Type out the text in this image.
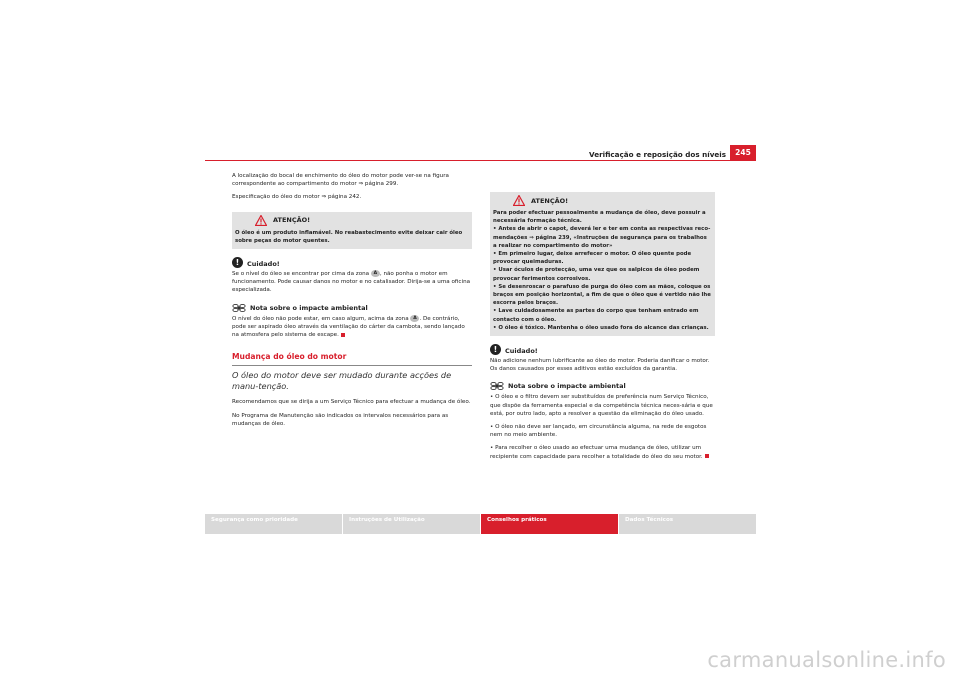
Verificação e reposição dos níveis	245

A localização do bocal de enchimento do óleo do motor pode ver-se na figura correspondente ao compartimento do motor ⇒ página 299.

Especificação do óleo do motor ⇒ página 242.

ATENÇÃO!
O óleo é um produto inflamável. No reabastecimento evite deixar cair óleo sobre peças do motor quentes.
!	Cuidado!

Se o nível do óleo se encontrar por cima da zona A , não ponha o motor em funcionamento. Pode causar danos no motor e no catalisador. Dirija-se a uma oficina especializada.

Nota sobre o impacte ambiental

O nível do óleo não pode estar, em caso algum, acima da zona A . De contrário, pode ser aspirado óleo através da ventilação do cárter da cambota, sendo lançado na atmosfera pelo sistema de escape.

Mudança do óleo do motor
O óleo do motor deve ser mudado durante acções de manu-tenção.

Recomendamos que se dirija a um Serviço Técnico para efectuar a mudança de óleo.

No Programa de Manutenção são indicados os intervalos necessários para as mudanças de óleo.

ATENÇÃO!
Para poder efectuar pessoalmente a mudança de óleo, deve possuir a necessária formação técnica.
• Antes de abrir o capot, deverá ler e ter em conta as respectivas reco-mendações ⇒ página 239, «Instruções de segurança para os trabalhos a realizar no compartimento do motor»
• Em primeiro lugar, deixe arrefecer o motor. O óleo quente pode provocar queimaduras.
• Usar óculos de protecção, uma vez que os salpicos de óleo podem provocar ferimentos corrosivos.
• Se desenroscar o parafuso de purga do óleo com as mãos, coloque os braços em posição horizontal, a fim de que o óleo que é vertido não lhe escorra pelos braços.
• Lave cuidadosamente as partes do corpo que tenham entrado em contacto com o óleo.
• O óleo é tóxico. Mantenha o óleo usado fora do alcance das crianças.
!	Cuidado!

Não adicione nenhum lubrificante ao óleo do motor. Poderia danificar o motor. Os danos causados por esses aditivos estão excluídos da garantia.

Nota sobre o impacte ambiental

• O óleo e o filtro devem ser substituídos de preferência num Serviço Técnico, que dispõe da ferramenta especial e da competência técnica neces-sária e que está, por outro lado, apto a resolver a questão da eliminação do óleo usado.

• O óleo não deve ser lançado, em circunstância alguma, na rede de esgotos nem no meio ambiente.

• Para recolher o óleo usado ao efectuar uma mudança de óleo, utilizar um recipiente com capacidade para recolher a totalidade do óleo do seu motor.

Segurança como prioridade	Instruções de Utilização	Conselhos práticos	Dados Técnicos
carmanualsonline.info
